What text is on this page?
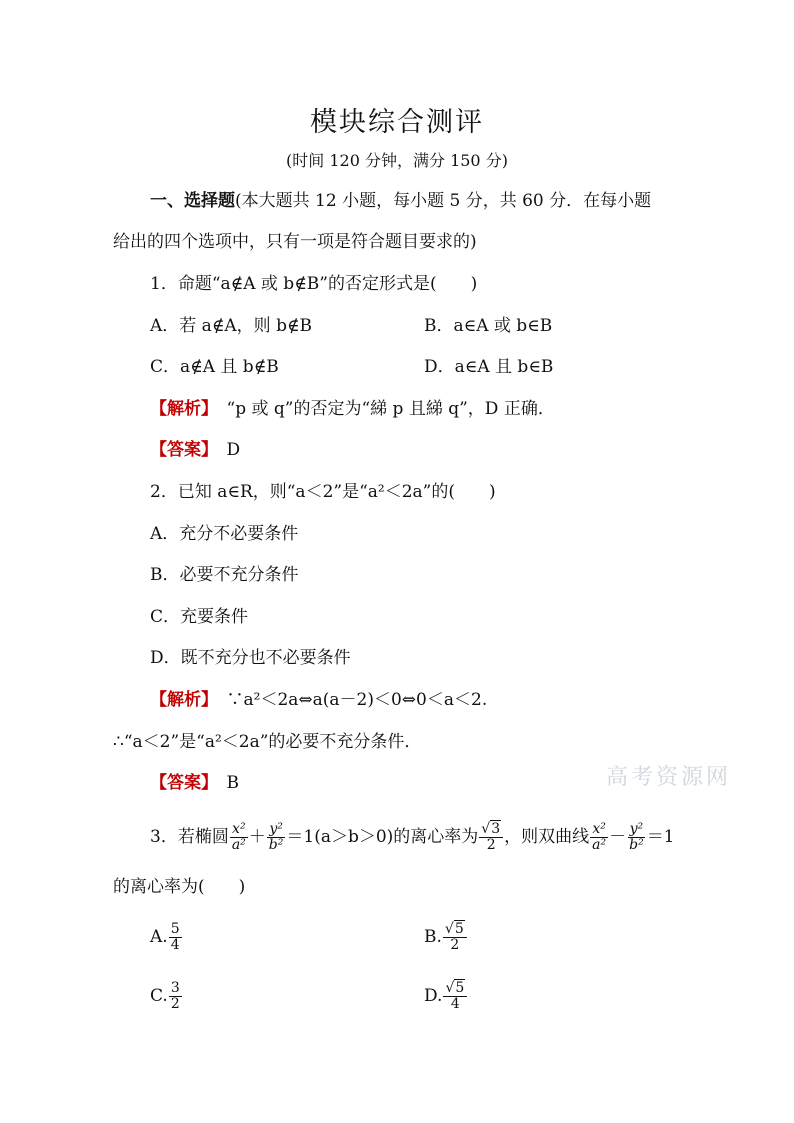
模块综合测评
(时间 120 分钟，满分 150 分)
一、选择题(本大题共 12 小题，每小题 5 分，共 60 分．在每小题
给出的四个选项中，只有一项是符合题目要求的)
1．命题“a∉A 或 b∉B”的否定形式是(　　)
A．若 a∉A，则 b∉B	B．a∈A 或 b∈B
C．a∉A 且 b∉B	D．a∈A 且 b∈B
【解析】　 “p 或 q”的否定为“綈 p 且綈 q”，D 正确．
【答案】　 D
2．已知 a∈R，则“a＜2”是“a²＜2a”的(　　)
A．充分不必要条件
B．必要不充分条件
C．充要条件
D．既不充分也不必要条件
【解析】　 ∵a²＜2a⇔a(a－2)＜0⇔0＜a＜2.
∴“a＜2”是“a²＜2a”的必要不充分条件．
【答案】　 B	高考资源网
3．若椭圆 $\frac{\text{x²}}{\text{a²}} + \frac{\text{y²}}{\text{b²}} =1(a>b>0)$的离心率为 √ $\frac{3}{2}$ ，则双曲线 $\frac{\text{x²}}{\text{a²}} - \frac{\text{y²}}{\text{b²}} =1$
的离心率为(　　)
A. $\frac{5}{4}$	B. √ $\frac{5}{2}$
C. $\frac{3}{2}$	D. √ $\frac{5}{4}$
